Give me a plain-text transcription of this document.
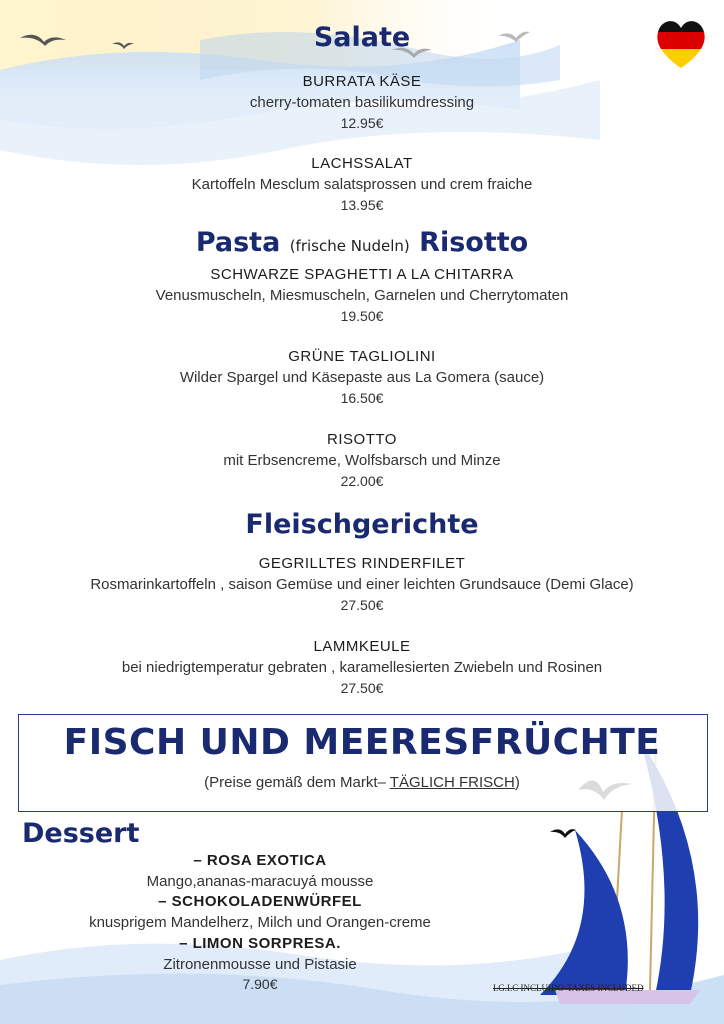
Salate
BURRATA KÄSE
cherry-tomaten basilikumdressing
12.95€
LACHSSALAT
Kartoffeln Mesclum salatsprossen und crem fraiche
13.95€
Pasta (frische Nudeln) Risotto
SCHWARZE SPAGHETTI A LA CHITARRA
Venusmuscheln, Miesmuscheln, Garnelen und Cherrytomaten
19.50€
GRÜNE TAGLIOLINI
Wilder Spargel und Käsepaste aus La Gomera (sauce)
16.50€
RISOTTO
mit Erbsencreme, Wolfsbarsch und Minze
22.00€
Fleischgerichte
GEGRILLTES RINDERFILET
Rosmarinkartoffeln , saison Gemüse und einer leichten Grundsauce (Demi Glace)
27.50€
LAMMKEULE
bei niedrigtemperatur gebraten , karamellesierten Zwiebeln und Rosinen
27.50€
FISCH UND MEERESFRÜCHTE
(Preise gemäß dem Markt– TÄGLICH FRISCH)
Dessert
– ROSA EXOTICA
Mango,ananas-maracuyá mousse
– SCHOKOLADENWÜRFEL
knusprigem Mandelherz, Milch und Orangen-creme
– LIMON SORPRESA.
Zitronenmousse und Pistasie
7.90€	I.G.I.C INCLUIDO-TAXES INCLUDED
